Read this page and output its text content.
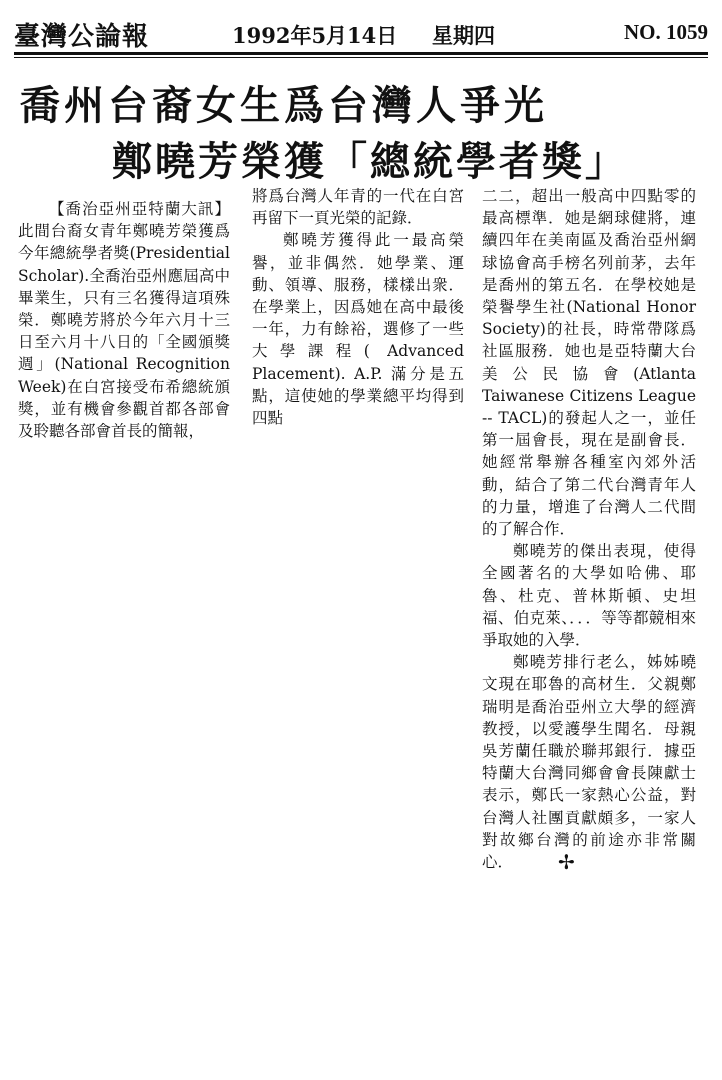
臺灣公論報	1992年5月14日 星期四	NO. 1059
喬州台裔女生爲台灣人爭光
鄭曉芳榮獲「總統學者獎」

【喬治亞州亞特蘭大訊】此間台裔女青年鄭曉芳榮獲爲今年總統學者獎(Presidential Scholar).全喬治亞州應屆高中畢業生，只有三名獲得這項殊榮．鄭曉芳將於今年六月十三日至六月十八日的「全國頒獎週」(National Recognition Week)在白宮接受布希總統頒獎，並有機會參觀首都各部會及聆聽各部會首長的簡報，

將爲台灣人年青的一代在白宮再留下一頁光榮的記錄．

鄭曉芳獲得此一最高榮譽，並非偶然．她學業、運動、領導、服務，樣樣出衆．在學業上，因爲她在高中最後一年，力有餘裕，選修了一些大學課程( Advanced Placement). A.P. 滿分是五點，這使她的學業總平均得到四點

二二，超出一般高中四點零的最高標準．她是網球健將，連續四年在美南區及喬治亞州網球協會高手榜名列前茅，去年是喬州的第五名．在學校她是榮譽學生社(National Honor Society)的社長，時常帶隊爲社區服務．她也是亞特蘭大台美公民協會(Atlanta Taiwanese Citizens League -- TACL)的發起人之一，並任第一屆會長，現在是副會長．她經常舉辦各種室內郊外活動，結合了第二代台灣青年人的力量，增進了台灣人二代間的了解合作．

鄭曉芳的傑出表現，使得全國著名的大學如哈佛、耶魯、杜克、普林斯頓、史坦福、伯克萊、．．．等等都競相來爭取她的入學．

鄭曉芳排行老么，姊姊曉文現在耶魯的高材生．父親鄭瑞明是喬治亞州立大學的經濟教授，以愛護學生聞名．母親吳芳蘭任職於聯邦銀行．據亞特蘭大台灣同鄉會會長陳獻士表示，鄭氏一家熱心公益，對台灣人社團貢獻頗多，一家人對故鄉台灣的前途亦非常關心． ✢
